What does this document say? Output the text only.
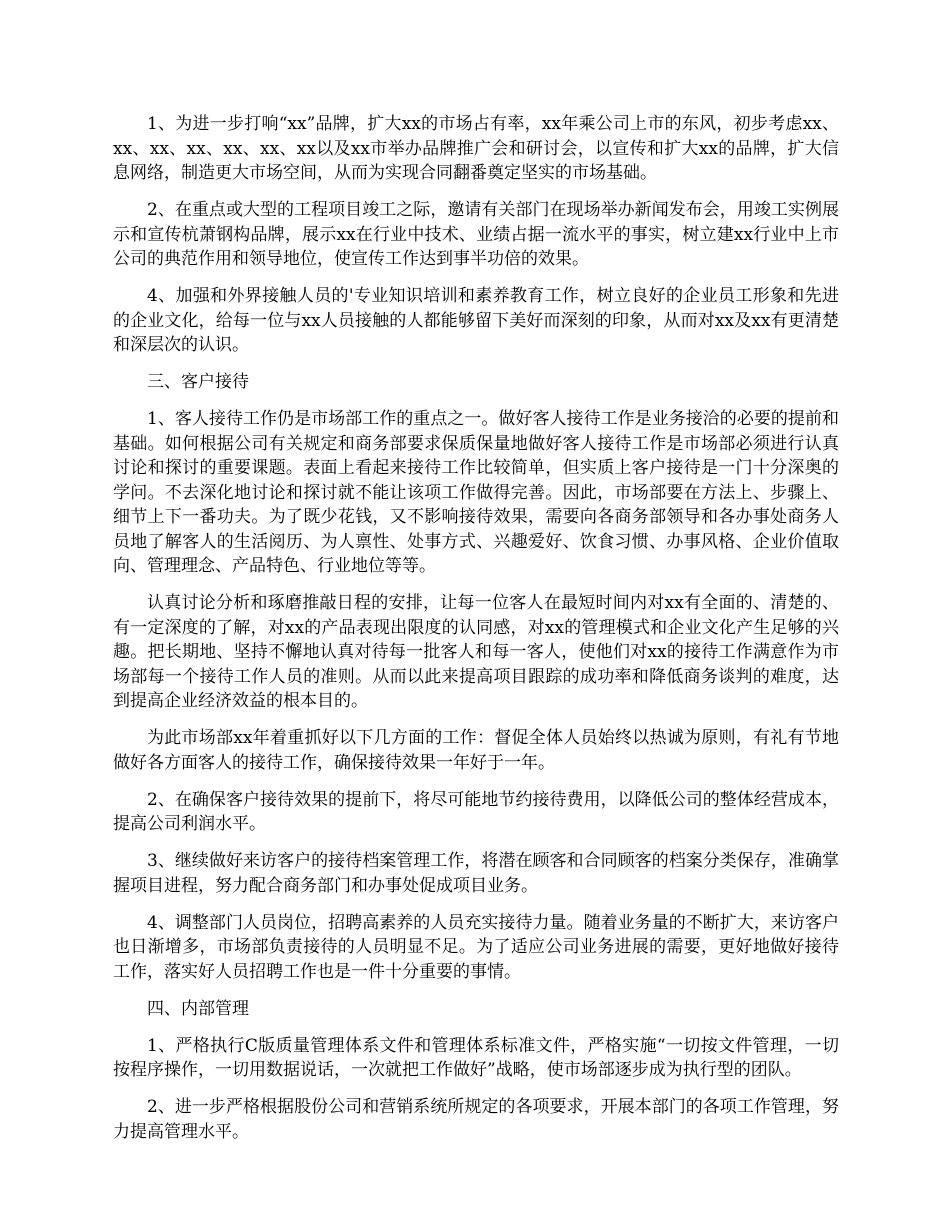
1、为进一步打响“xx”品牌，扩大xx的市场占有率，xx年乘公司上市的东风，初步考虑xx、xx、xx、xx、xx、xx、xx以及xx市举办品牌推广会和研讨会，以宣传和扩大xx的品牌，扩大信息网络，制造更大市场空间，从而为实现合同翻番奠定坚实的市场基础。

2、在重点或大型的工程项目竣工之际，邀请有关部门在现场举办新闻发布会，用竣工实例展示和宣传杭萧钢构品牌，展示xx在行业中技术、业绩占据一流水平的事实，树立建xx行业中上市公司的典范作用和领导地位，使宣传工作达到事半功倍的效果。

4、加强和外界接触人员的'专业知识培训和素养教育工作，树立良好的企业员工形象和先进的企业文化，给每一位与xx人员接触的人都能够留下美好而深刻的印象，从而对xx及xx有更清楚和深层次的认识。

三、客户接待

1、客人接待工作仍是市场部工作的重点之一。做好客人接待工作是业务接洽的必要的提前和基础。如何根据公司有关规定和商务部要求保质保量地做好客人接待工作是市场部必须进行认真讨论和探讨的重要课题。表面上看起来接待工作比较简单，但实质上客户接待是一门十分深奥的学问。不去深化地讨论和探讨就不能让该项工作做得完善。因此，市场部要在方法上、步骤上、细节上下一番功夫。为了既少花钱，又不影响接待效果，需要向各商务部领导和各办事处商务人员地了解客人的生活阅历、为人禀性、处事方式、兴趣爱好、饮食习惯、办事风格、企业价值取向、管理理念、产品特色、行业地位等等。

认真讨论分析和琢磨推敲日程的安排，让每一位客人在最短时间内对xx有全面的、清楚的、有一定深度的了解，对xx的产品表现出限度的认同感，对xx的管理模式和企业文化产生足够的兴趣。把长期地、坚持不懈地认真对待每一批客人和每一客人，使他们对xx的接待工作满意作为市场部每一个接待工作人员的准则。从而以此来提高项目跟踪的成功率和降低商务谈判的难度，达到提高企业经济效益的根本目的。

为此市场部xx年着重抓好以下几方面的工作：督促全体人员始终以热诚为原则，有礼有节地做好各方面客人的接待工作，确保接待效果一年好于一年。

2、在确保客户接待效果的提前下，将尽可能地节约接待费用，以降低公司的整体经营成本，提高公司利润水平。

3、继续做好来访客户的接待档案管理工作，将潜在顾客和合同顾客的档案分类保存，准确掌握项目进程，努力配合商务部门和办事处促成项目业务。

4、调整部门人员岗位，招聘高素养的人员充实接待力量。随着业务量的不断扩大，来访客户也日渐增多，市场部负责接待的人员明显不足。为了适应公司业务进展的需要，更好地做好接待工作，落实好人员招聘工作也是一件十分重要的事情。

四、内部管理

1、严格执行C版质量管理体系文件和管理体系标准文件，严格实施“一切按文件管理，一切按程序操作，一切用数据说话，一次就把工作做好”战略，使市场部逐步成为执行型的团队。

2、进一步严格根据股份公司和营销系统所规定的各项要求，开展本部门的各项工作管理，努力提高管理水平。
